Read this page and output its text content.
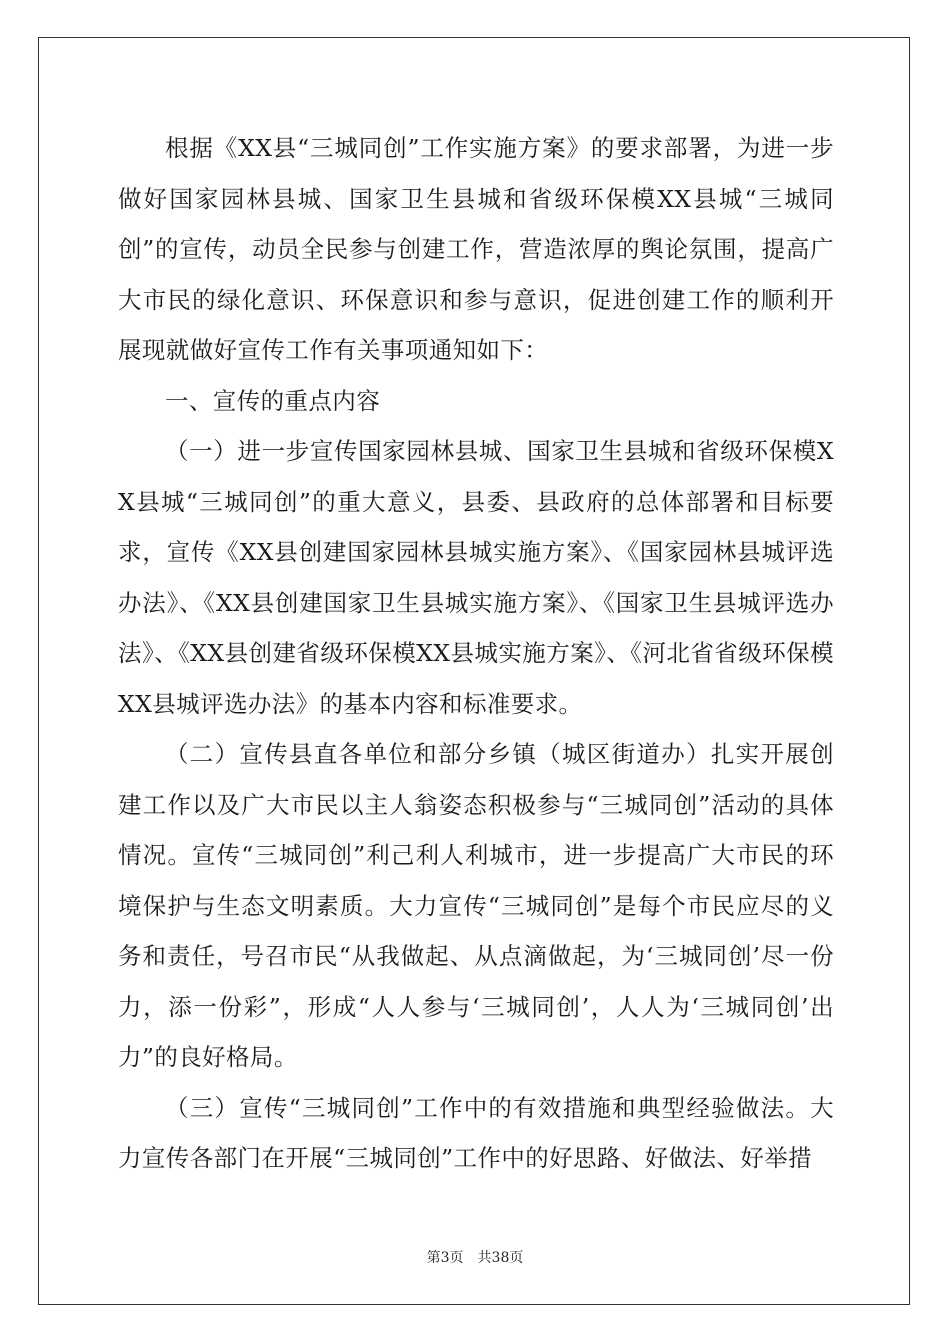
根据《XX县“三城同创”工作实施方案》的要求部署，为进一步做好国家园林县城、国家卫生县城和省级环保模XX县城“三城同创”的宣传，动员全民参与创建工作，营造浓厚的舆论氛围，提高广大市民的绿化意识、环保意识和参与意识，促进创建工作的顺利开展现就做好宣传工作有关事项通知如下：

一、宣传的重点内容

（一）进一步宣传国家园林县城、国家卫生县城和省级环保模XX县城“三城同创”的重大意义，县委、县政府的总体部署和目标要求，宣传《XX县创建国家园林县城实施方案》、《国家园林县城评选办法》、《XX县创建国家卫生县城实施方案》、《国家卫生县城评选办法》、《XX县创建省级环保模XX县城实施方案》、《河北省省级环保模XX县城评选办法》的基本内容和标准要求。

（二）宣传县直各单位和部分乡镇（城区街道办）扎实开展创建工作以及广大市民以主人翁姿态积极参与“三城同创”活动的具体情况。宣传“三城同创”利己利人利城市，进一步提高广大市民的环境保护与生态文明素质。大力宣传“三城同创”是每个市民应尽的义务和责任，号召市民“从我做起、从点滴做起，为‘三城同创’尽一份力，添一份彩”，形成“人人参与‘三城同创’，人人为‘三城同创’出力”的良好格局。

（三）宣传“三城同创”工作中的有效措施和典型经验做法。大力宣传各部门在开展“三城同创”工作中的好思路、好做法、好举措

第3页 共38页
